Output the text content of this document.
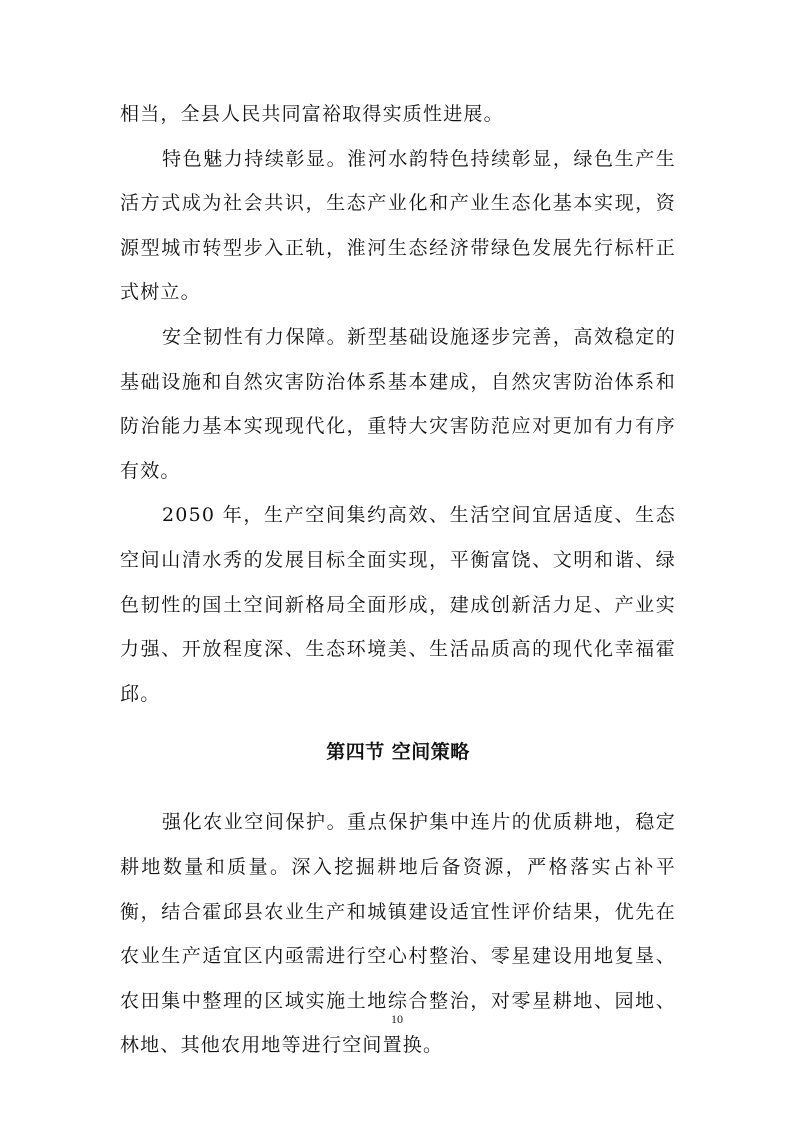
相当，全县人民共同富裕取得实质性进展。

特色魅力持续彰显。淮河水韵特色持续彰显，绿色生产生活方式成为社会共识，生态产业化和产业生态化基本实现，资源型城市转型步入正轨，淮河生态经济带绿色发展先行标杆正式树立。

安全韧性有力保障。新型基础设施逐步完善，高效稳定的基础设施和自然灾害防治体系基本建成，自然灾害防治体系和防治能力基本实现现代化，重特大灾害防范应对更加有力有序有效。

2050 年，生产空间集约高效、生活空间宜居适度、生态空间山清水秀的发展目标全面实现，平衡富饶、文明和谐、绿色韧性的国土空间新格局全面形成，建成创新活力足、产业实力强、开放程度深、生态环境美、生活品质高的现代化幸福霍邱。

第四节 空间策略

强化农业空间保护。重点保护集中连片的优质耕地，稳定耕地数量和质量。深入挖掘耕地后备资源，严格落实占补平衡，结合霍邱县农业生产和城镇建设适宜性评价结果，优先在农业生产适宜区内亟需进行空心村整治、零星建设用地复垦、农田集中整理的区域实施土地综合整治，对零星耕地、园地、林地、其他农用地等进行空间置换。

10
